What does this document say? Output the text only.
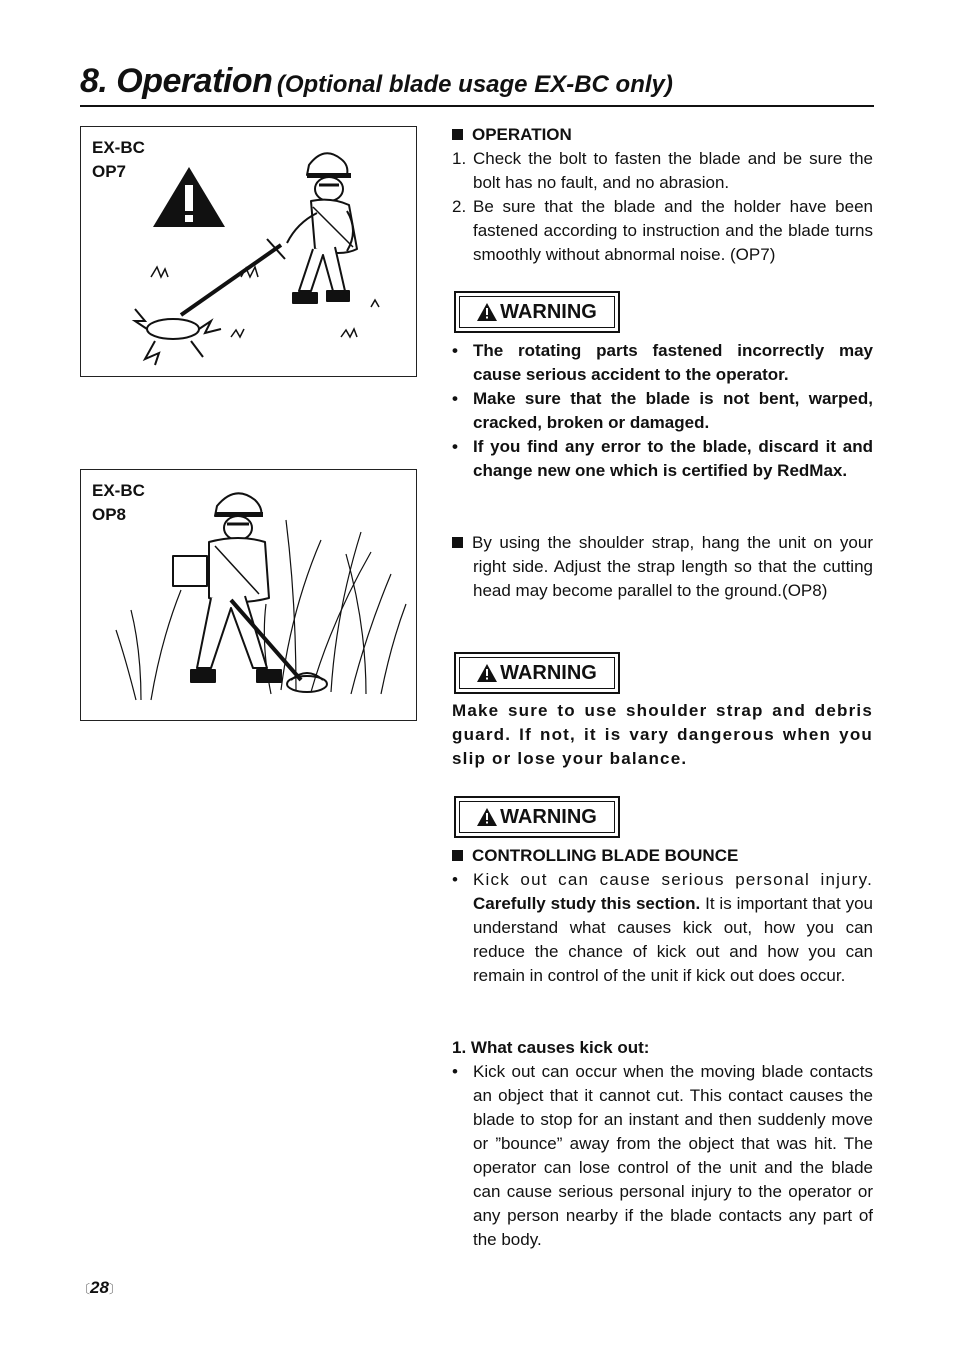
8. Operation (Optional blade usage EX-BC only)
EX-BC
OP7
EX-BC
OP8
OPERATION
1. Check the bolt to fasten the blade and be sure the bolt has no fault, and no abrasion.
2. Be sure that the blade and the holder have been fastened according to instruction and the blade turns smoothly without abnormal noise. (OP7)
WARNING
• The rotating parts fastened incorrectly may cause serious accident to the operator.
• Make sure that the blade is not bent, warped, cracked, broken or damaged.
• If you find any error to the blade, discard it and change new one which is certified by RedMax.
By using the shoulder strap, hang the unit on your right side. Adjust the strap length so that the cutting head may become parallel to the ground.(OP8)
WARNING
Make sure to use shoulder strap and debris guard. If not, it is vary dangerous when you slip or lose your balance.
WARNING
CONTROLLING BLADE BOUNCE
• Kick out can cause serious personal injury. Carefully study this section. It is important that you understand what causes kick out, how you can reduce the chance of kick out and how you can remain in control of the unit if kick out does occur.
1. What causes kick out:
• Kick out can occur when the moving blade contacts an object that it cannot cut. This contact causes the blade to stop for an instant and then suddenly move or ”bounce” away from the object that was hit. The operator can lose control of the unit and the blade can cause serious personal injury to the operator or any person nearby if the blade contacts any part of the body.
〔28〕
